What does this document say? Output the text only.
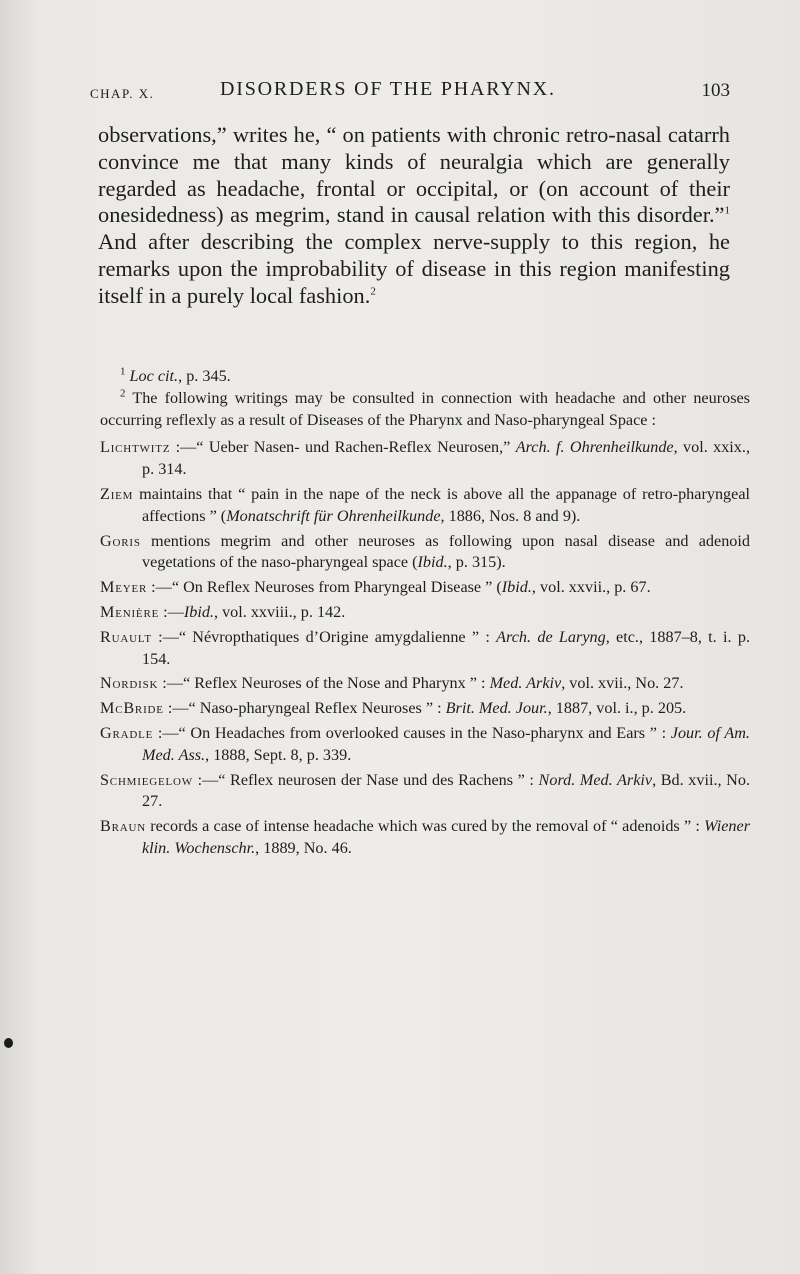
CHAP. X.	DISORDERS OF THE PHARYNX.	103

observations,” writes he, “ on patients with chronic retro-nasal catarrh convince me that many kinds of neuralgia which are generally regarded as headache, frontal or occipital, or (on account of their onesidedness) as megrim, stand in causal relation with this disorder.”$^1$ And after describing the complex nerve-supply to this region, he remarks upon the improbability of disease in this region manifesting itself in a purely local fashion.$^2$

$^1$ Loc cit., p. 345.

$^2$ The following writings may be consulted in connection with headache and other neuroses occurring reflexly as a result of Diseases of the Pharynx and Naso-pharyngeal Space :

Lichtwitz :—“ Ueber Nasen- und Rachen-Reflex Neurosen,” Arch. f. Ohrenheilkunde, vol. xxix., p. 314.

Ziem maintains that “ pain in the nape of the neck is above all the appanage of retro-pharyngeal affections ” (Monatschrift für Ohrenheilkunde, 1886, Nos. 8 and 9).

Goris mentions megrim and other neuroses as following upon nasal disease and adenoid vegetations of the naso-pharyngeal space (Ibid., p. 315).

Meyer :—“ On Reflex Neuroses from Pharyngeal Disease ” (Ibid., vol. xxvii., p. 67.

Menière :—Ibid., vol. xxviii., p. 142.

Ruault :—“ Névropthatiques d’Origine amygdalienne ” : Arch. de Laryng, etc., 1887–8, t. i. p. 154.

Nordisk :—“ Reflex Neuroses of the Nose and Pharynx ” : Med. Arkiv, vol. xvii., No. 27.

McBride :—“ Naso-pharyngeal Reflex Neuroses ” : Brit. Med. Jour., 1887, vol. i., p. 205.

Gradle :—“ On Headaches from overlooked causes in the Naso-pharynx and Ears ” : Jour. of Am. Med. Ass., 1888, Sept. 8, p. 339.

Schmiegelow :—“ Reflex neurosen der Nase und des Rachens ” : Nord. Med. Arkiv, Bd. xvii., No. 27.

Braun records a case of intense headache which was cured by the removal of “ adenoids ” : Wiener klin. Wochenschr., 1889, No. 46.
